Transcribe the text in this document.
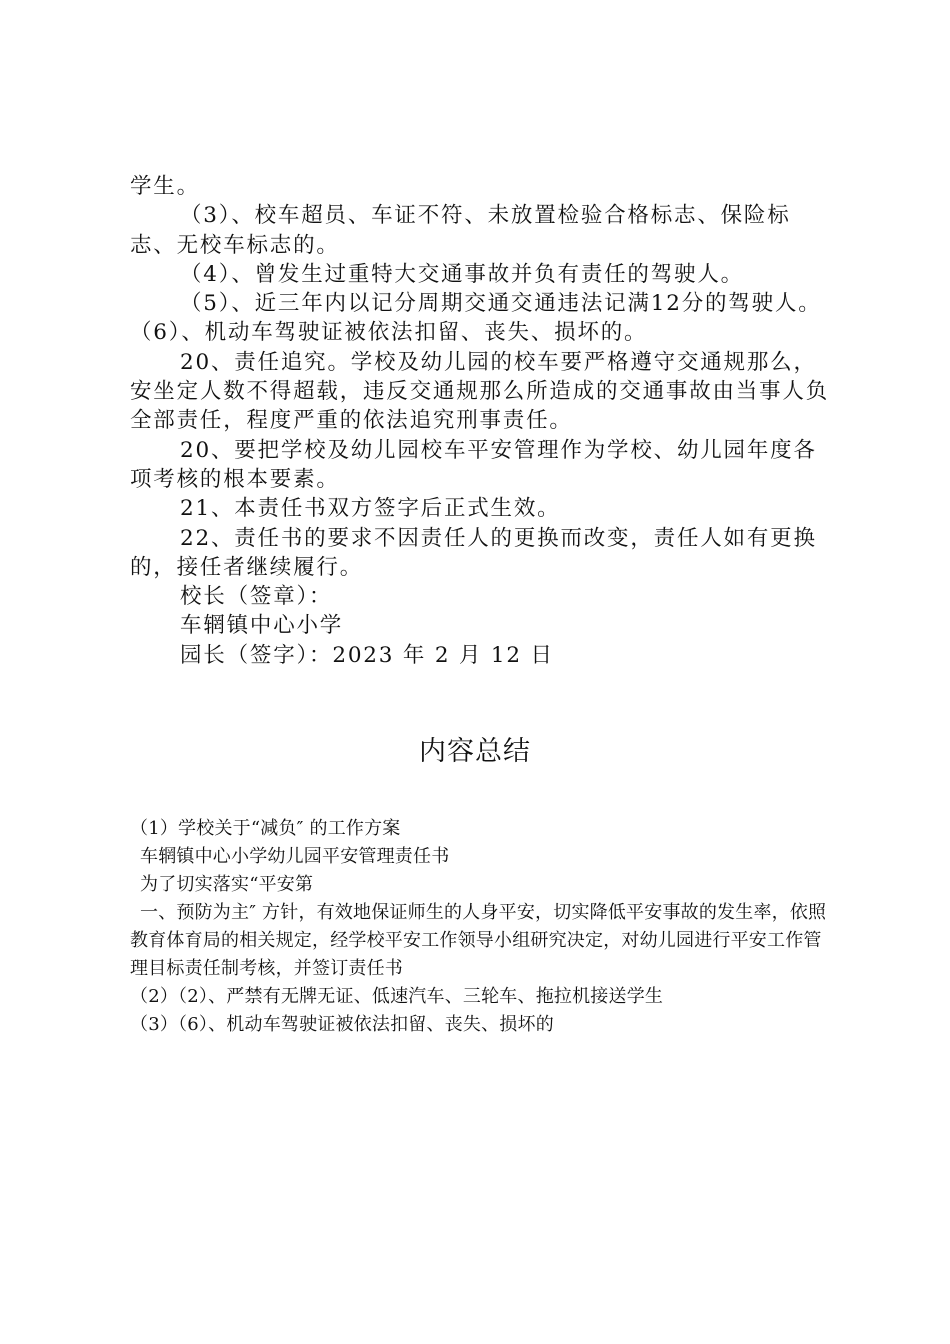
学生。

（3）、校车超员、车证不符、未放置检验合格标志、保险标志、无校车标志的。

（4）、曾发生过重特大交通事故并负有责任的驾驶人。

（5）、近三年内以记分周期交通交通违法记满12分的驾驶人。（6）、机动车驾驶证被依法扣留、丧失、损坏的。

20、责任追究。学校及幼儿园的校车要严格遵守交通规那么，安坐定人数不得超载，违反交通规那么所造成的交通事故由当事人负全部责任，程度严重的依法追究刑事责任。

20、要把学校及幼儿园校车平安管理作为学校、幼儿园年度各项考核的根本要素。

21、本责任书双方签字后正式生效。

22、责任书的要求不因责任人的更换而改变，责任人如有更换的，接任者继续履行。

校长（签章）：

车辋镇中心小学

园长（签字）：2023 年 2 月 12 日

内容总结

（1）学校关于“减负″ 的工作方案

车辋镇中心小学幼儿园平安管理责任书

为了切实落实“平安第

一、预防为主″ 方针，有效地保证师生的人身平安，切实降低平安事故的发生率，依照教育体育局的相关规定，经学校平安工作领导小组研究决定，对幼儿园进行平安工作管理目标责任制考核，并签订责任书

（2）（2）、严禁有无牌无证、低速汽车、三轮车、拖拉机接送学生

（3）（6）、机动车驾驶证被依法扣留、丧失、损坏的
